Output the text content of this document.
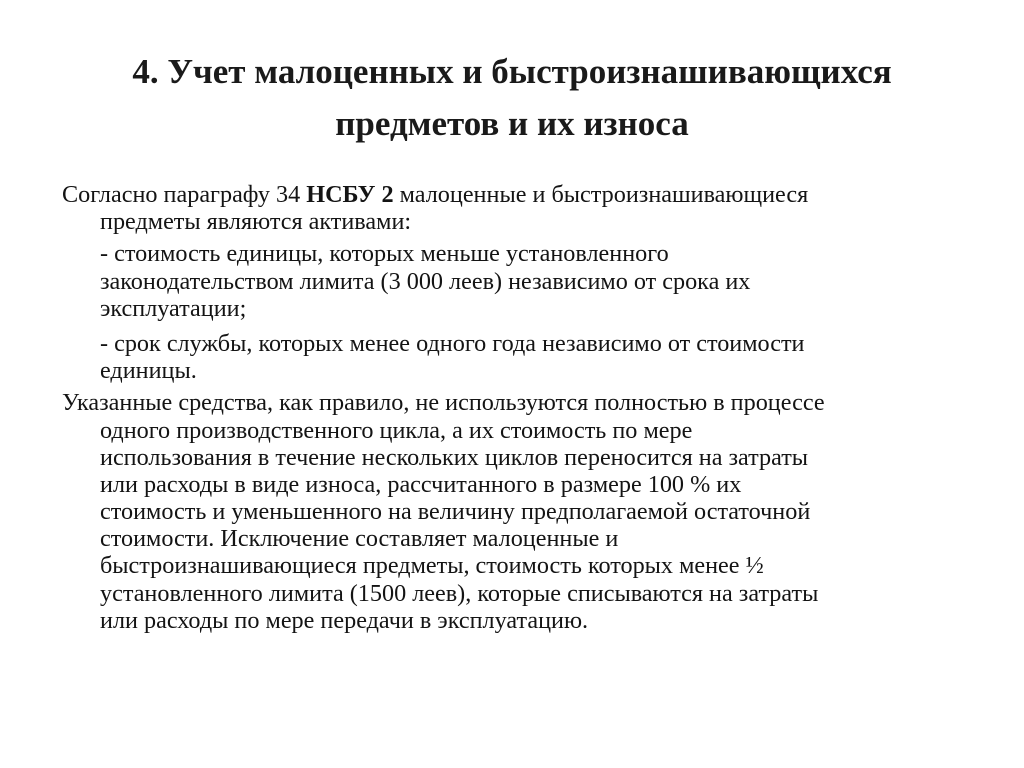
4. Учет малоценных и быстроизнашивающихся
предметов и их износа
Согласно параграфу 34 НСБУ 2 малоценные и быстроизнашивающиеся
предметы являются активами:
- стоимость единицы, которых меньше установленного
законодательством лимита (3 000 леев) независимо от срока их
эксплуатации;
- срок службы, которых менее одного года независимо от стоимости
единицы.
Указанные средства, как правило, не используются полностью в процессе
одного производственного цикла, а их стоимость по мере
использования в течение нескольких циклов переносится на затраты
или расходы в виде износа, рассчитанного в размере 100 % их
стоимость и уменьшенного на величину предполагаемой остаточной
стоимости. Исключение составляет малоценные и
быстроизнашивающиеся предметы, стоимость которых менее ½
установленного лимита (1500 леев), которые списываются на затраты
или расходы по мере передачи в эксплуатацию.
